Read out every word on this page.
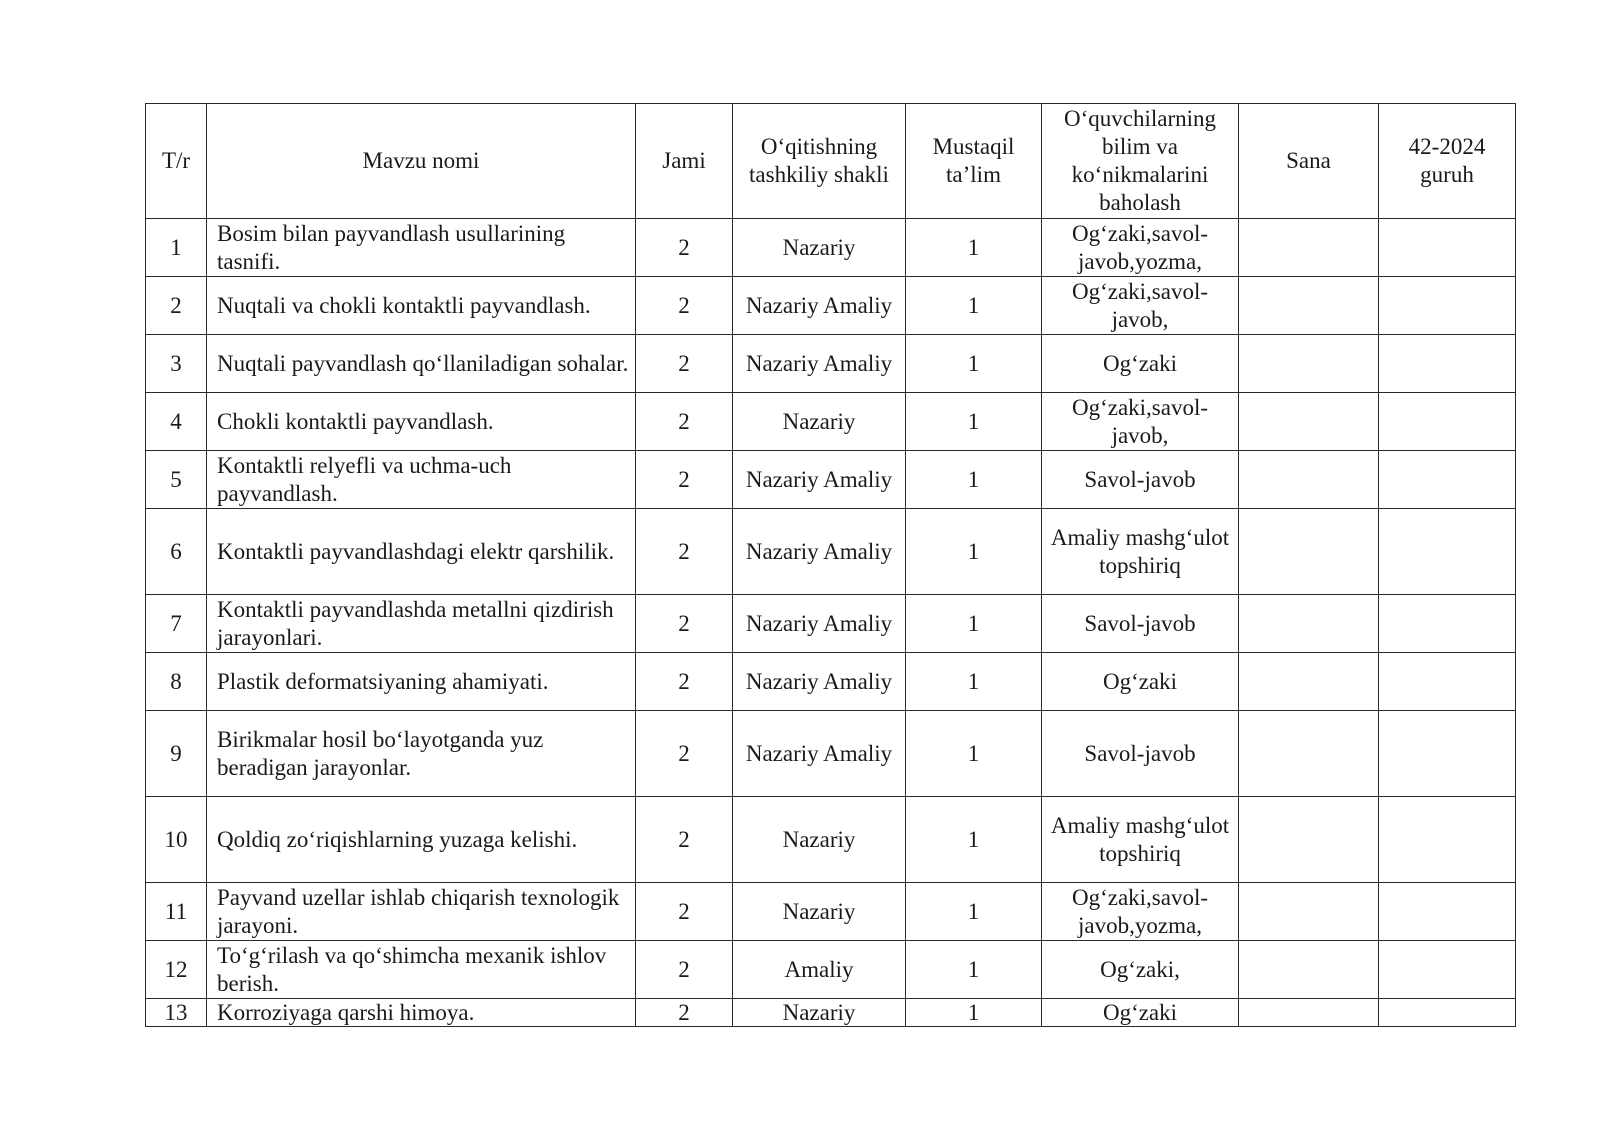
T/r	Mavzu nomi	Jami	O‘qitishning tashkiliy shakli	Mustaqil ta’lim	O‘quvchilarning bilim va ko‘nikmalarini baholash	Sana	42-2024 guruh
1	Bosim bilan payvandlash usullarining tasnifi.	2	Nazariy	1	Og‘zaki,savol-javob,yozma,		
2	Nuqtali va chokli kontaktli payvandlash.	2	Nazariy Amaliy	1	Og‘zaki,savol-javob,		
3	Nuqtali payvandlash qo‘llaniladigan sohalar.	2	Nazariy Amaliy	1	Og‘zaki		
4	Chokli kontaktli payvandlash.	2	Nazariy	1	Og‘zaki,savol-javob,		
5	Kontaktli relyefli va uchma-uch payvandlash.	2	Nazariy Amaliy	1	Savol-javob		
6	Kontaktli payvandlashdagi elektr qarshilik.	2	Nazariy Amaliy	1	Amaliy mashg‘ulot topshiriq		
7	Kontaktli payvandlashda metallni qizdirish jarayonlari.	2	Nazariy Amaliy	1	Savol-javob		
8	Plastik deformatsiyaning ahamiyati.	2	Nazariy Amaliy	1	Og‘zaki		
9	Birikmalar hosil bo‘layotganda yuz beradigan jarayonlar.	2	Nazariy Amaliy	1	Savol-javob		
10	Qoldiq zo‘riqishlarning yuzaga kelishi.	2	Nazariy	1	Amaliy mashg‘ulot topshiriq		
11	Payvand uzellar ishlab chiqarish texnologik jarayoni.	2	Nazariy	1	Og‘zaki,savol-javob,yozma,		
12	To‘g‘rilash va qo‘shimcha mexanik ishlov berish.	2	Amaliy	1	Og‘zaki,		
13	Korroziyaga qarshi himoya.	2	Nazariy	1	Og‘zaki		
